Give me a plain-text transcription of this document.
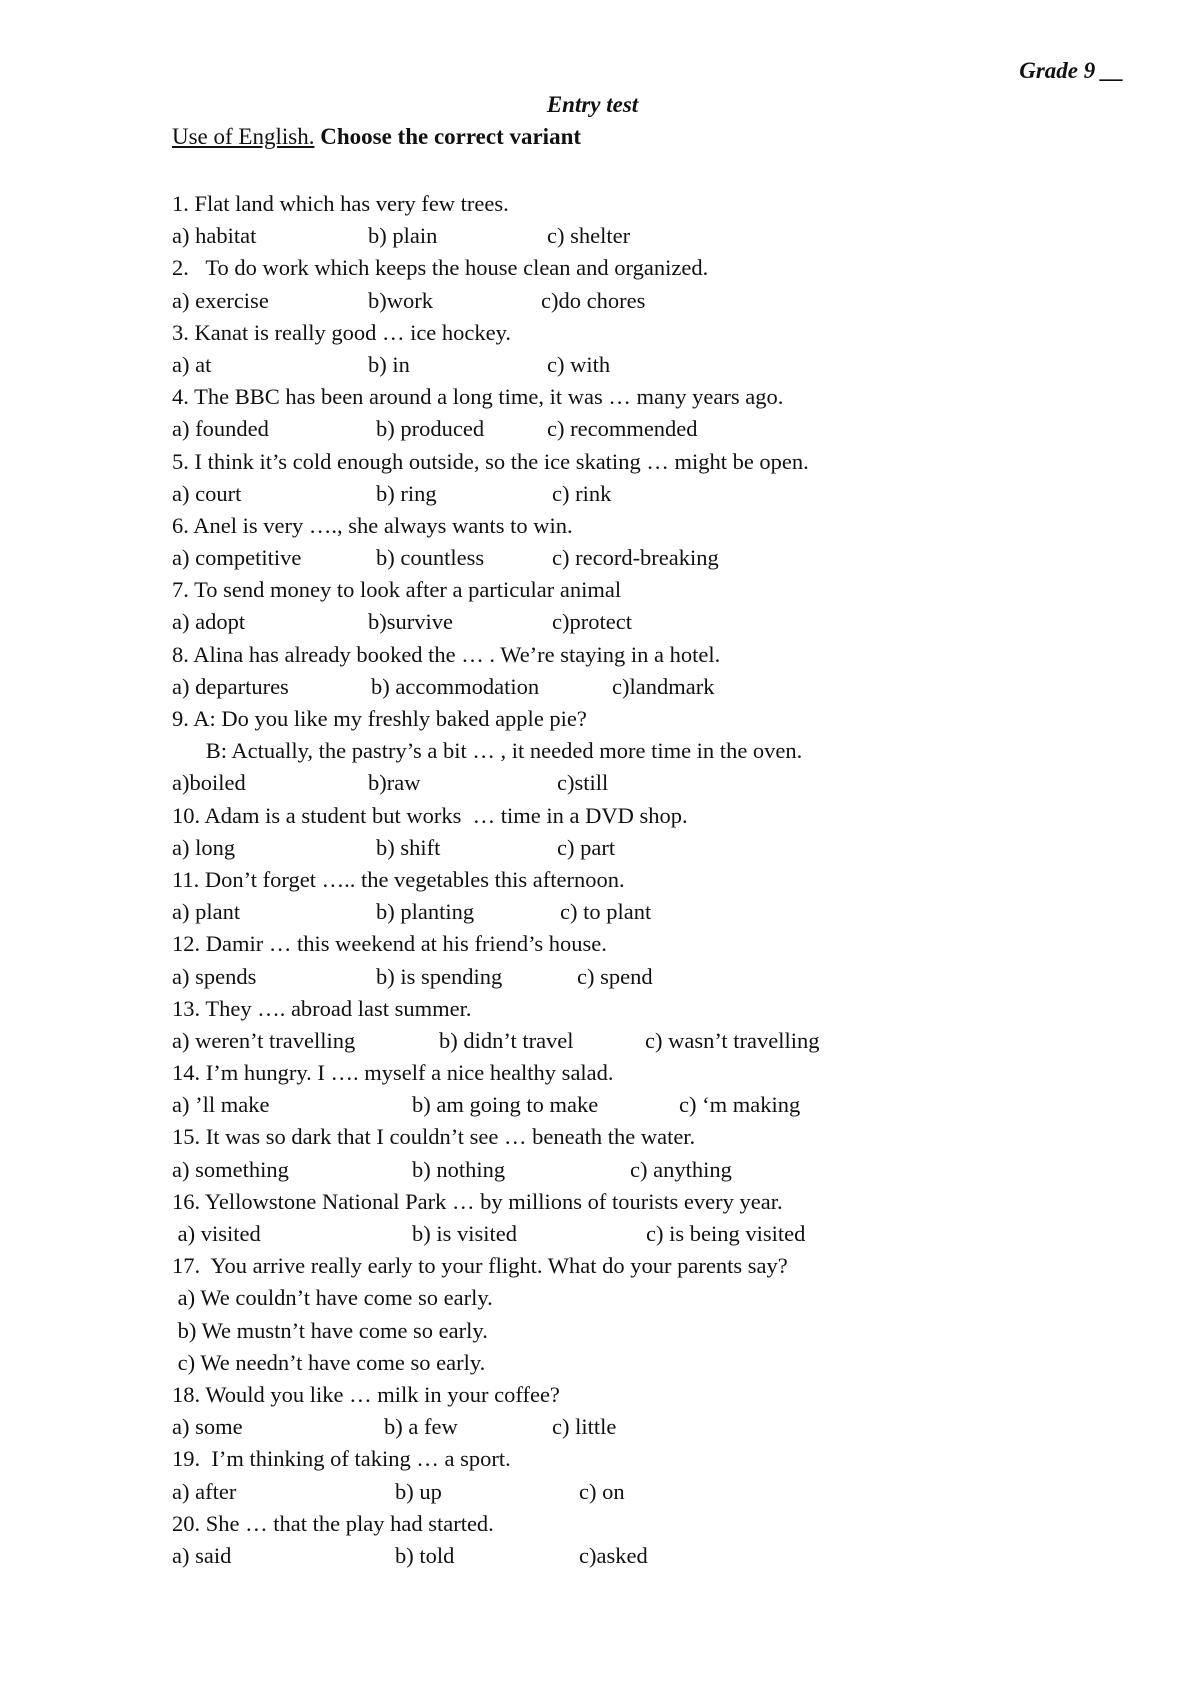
Grade 9 __
Entry test
Use of English. Choose the correct variant
1. Flat land which has very few trees.
a) habitat	b) plain	c) shelter
2.   To do work which keeps the house clean and organized.
a) exercise	b)work	c)do chores
3. Kanat is really good … ice hockey.
a) at	b) in	c) with
4. The BBC has been around a long time, it was … many years ago.
a) founded	b) produced	c) recommended
5. I think it’s cold enough outside, so the ice skating … might be open.
a) court	b) ring	c) rink
6. Anel is very …., she always wants to win.
a) competitive	b) countless	c) record-breaking
7. To send money to look after a particular animal
a) adopt	b)survive	c)protect
8. Alina has already booked the … . We’re staying in a hotel.
a) departures	b) accommodation	c)landmark
9. A: Do you like my freshly baked apple pie?
B: Actually, the pastry’s a bit … , it needed more time in the oven.
a)boiled	b)raw	c)still
10. Adam is a student but works  … time in a DVD shop.
a) long	b) shift	c) part
11. Don’t forget ….. the vegetables this afternoon.
a) plant	b) planting	c) to plant
12. Damir … this weekend at his friend’s house.
a) spends	b) is spending	c) spend
13. They …. abroad last summer.
a) weren’t travelling	b) didn’t travel	c) wasn’t travelling
14. I’m hungry. I …. myself a nice healthy salad.
a) ’ll make	b) am going to make	c) ‘m making
15. It was so dark that I couldn’t see … beneath the water.
a) something	b) nothing	c) anything
16. Yellowstone National Park … by millions of tourists every year.
a) visited	b) is visited	c) is being visited
17.  You arrive really early to your flight. What do your parents say?
a) We couldn’t have come so early.
b) We mustn’t have come so early.
c) We needn’t have come so early.
18. Would you like … milk in your coffee?
a) some	b) a few	c) little
19.  I’m thinking of taking … a sport.
a) after	b) up	c) on
20. She … that the play had started.
a) said	b) told	c)asked
